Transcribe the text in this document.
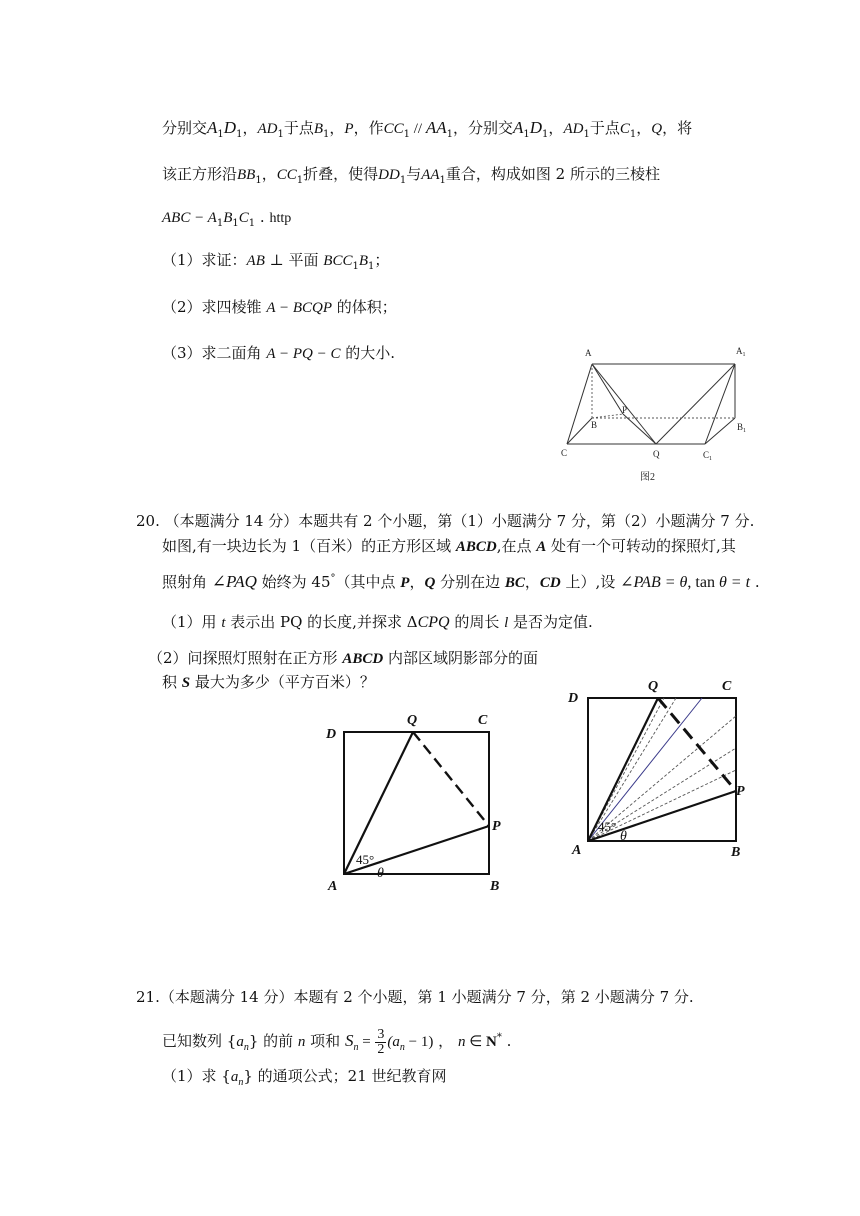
分别交$A_1D_1$，$AD_1$于点$B_1$，P，作$CC_1 // AA_1$，分别交$A_1D_1$，$AD_1$于点$C_1$，Q，将
该正方形沿$BB_1$，$CC_1$折叠，使得$DD_1$与$AA_1$重合，构成如图 2 所示的三棱柱
ABC − $A_1B_1C_1$ . http
（1）求证：AB ⊥ 平面 $BCC_1B_1$；
（2）求四棱锥 A − BCQP 的体积；
（3）求二面角 A − PQ − C 的大小.	A	$A_1$
B	$B_1$
C	$C_1$
P
Q
图2
20. （本题满分 14 分）本题共有 2 个小题，第（1）小题满分 7 分，第（2）小题满分 7 分.
如图,有一块边长为 1（百米）的正方形区域 ABCD,在点 A 处有一个可转动的探照灯,其
照射角 ∠PAQ 始终为 45°（其中点 P，Q 分别在边 BC，CD 上）,设 ∠PAB = θ, tan θ = t .
（1）用 t 表示出 PQ 的长度,并探求 ΔCPQ 的周长 l 是否为定值.
（2）问探照灯照射在正方形 ABCD 内部区域阴影部分的面
积 S 最大为多少（平方百米）？
D
Q	C
P
A	B
45°
θ
D
Q	C
P
A	B
45°
θ
21.（本题满分 14 分）本题有 2 个小题，第 1 小题满分 7 分，第 2 小题满分 7 分.
已知数列 $\{a_n\}$ 的前 n 项和 $S_n = \frac{3}{2} (a_n - 1)$ ， n ∈ N* .
（1）求 $\{a_n\}$ 的通项公式；21 世纪教育网
